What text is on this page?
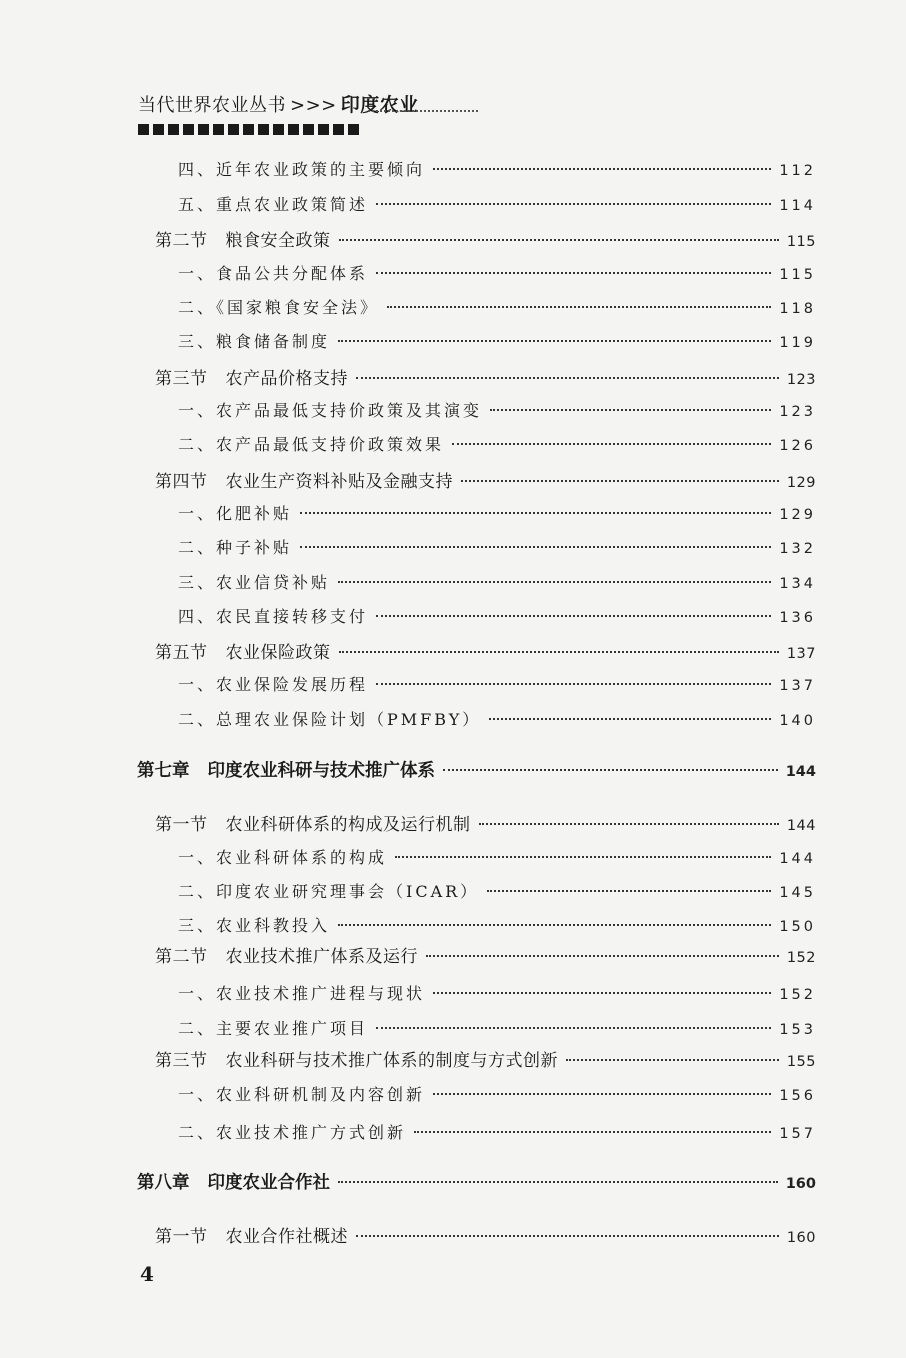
当代世界农业丛书 >>> 印度农业
四、近年农业政策的主要倾向	112
五、重点农业政策简述	114
第二节 粮食安全政策	115
一、食品公共分配体系	115
二、《国家粮食安全法》	118
三、粮食储备制度	119
第三节 农产品价格支持	123
一、农产品最低支持价政策及其演变	123
二、农产品最低支持价政策效果	126
第四节 农业生产资料补贴及金融支持	129
一、化肥补贴	129
二、种子补贴	132
三、农业信贷补贴	134
四、农民直接转移支付	136
第五节 农业保险政策	137
一、农业保险发展历程	137
二、总理农业保险计划（PMFBY）	140
第七章 印度农业科研与技术推广体系	144
第一节 农业科研体系的构成及运行机制	144
一、农业科研体系的构成	144
二、印度农业研究理事会（ICAR）	145
三、农业科教投入	150
第二节 农业技术推广体系及运行	152
一、农业技术推广进程与现状	152
二、主要农业推广项目	153
第三节 农业科研与技术推广体系的制度与方式创新	155
一、农业科研机制及内容创新	156
二、农业技术推广方式创新	157
第八章 印度农业合作社	160
第一节 农业合作社概述	160
4
